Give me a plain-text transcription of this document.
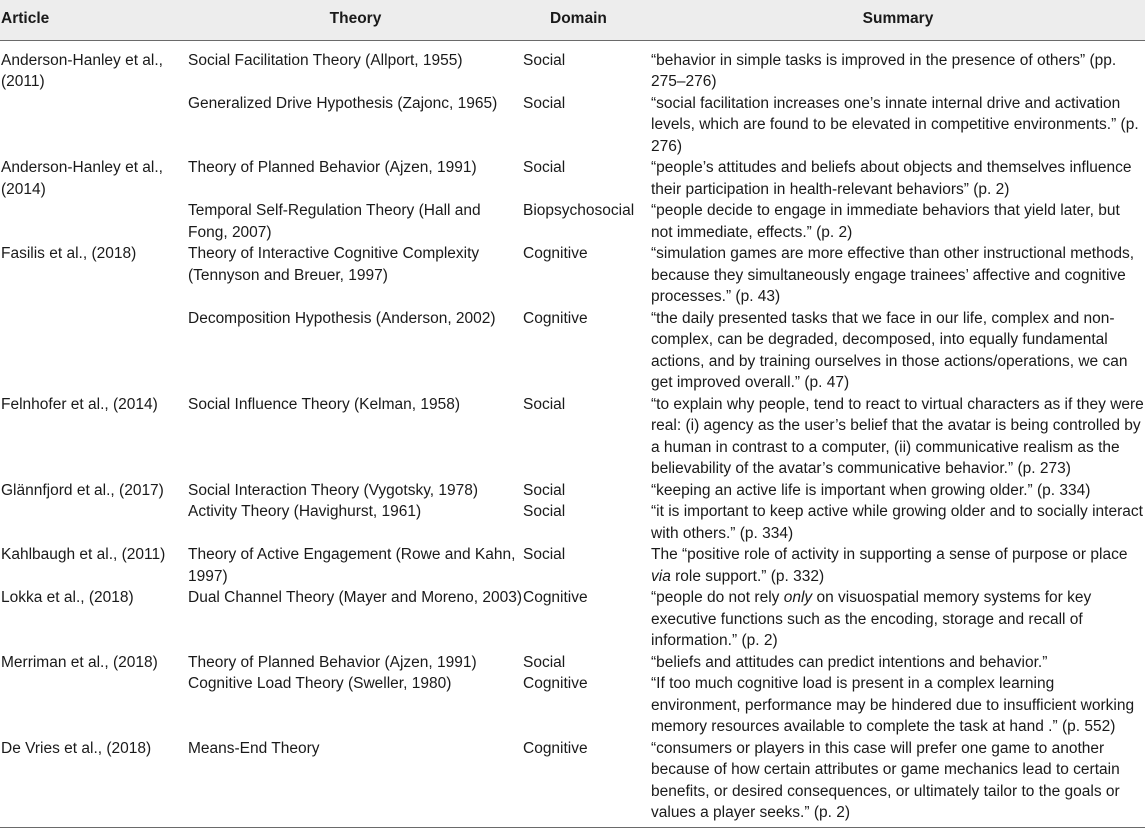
Article	Theory	Domain	Summary
Anderson-Hanley et al., (2011)	Social Facilitation Theory (Allport, 1955)	Social	“behavior in simple tasks is improved in the presence of others” (pp. 275–276)
	Generalized Drive Hypothesis (Zajonc, 1965)	Social	“social facilitation increases one’s innate internal drive and activation levels, which are found to be elevated in competitive environments.” (p. 276)
Anderson-Hanley et al., (2014)	Theory of Planned Behavior (Ajzen, 1991)	Social	“people’s attitudes and beliefs about objects and themselves influence their participation in health-relevant behaviors” (p. 2)
	Temporal Self-Regulation Theory (Hall and Fong, 2007)	Biopsychosocial	“people decide to engage in immediate behaviors that yield later, but not immediate, effects.” (p. 2)
Fasilis et al., (2018)	Theory of Interactive Cognitive Complexity (Tennyson and Breuer, 1997)	Cognitive	“simulation games are more effective than other instructional methods, because they simultaneously engage trainees’ affective and cognitive processes.” (p. 43)
	Decomposition Hypothesis (Anderson, 2002)	Cognitive	“the daily presented tasks that we face in our life, complex and non-complex, can be degraded, decomposed, into equally fundamental actions, and by training ourselves in those actions/operations, we can get improved overall.” (p. 47)
Felnhofer et al., (2014)	Social Influence Theory (Kelman, 1958)	Social	“to explain why people, tend to react to virtual characters as if they were real: (i) agency as the user’s belief that the avatar is being controlled by a human in contrast to a computer, (ii) communicative realism as the believability of the avatar’s communicative behavior.” (p. 273)
Glännfjord et al., (2017)	Social Interaction Theory (Vygotsky, 1978)	Social	“keeping an active life is important when growing older.” (p. 334)
	Activity Theory (Havighurst, 1961)	Social	“it is important to keep active while growing older and to socially interact with others.” (p. 334)
Kahlbaugh et al., (2011)	Theory of Active Engagement (Rowe and Kahn, 1997)	Social	The “positive role of activity in supporting a sense of purpose or place via role support.” (p. 332)
Lokka et al., (2018)	Dual Channel Theory (Mayer and Moreno, 2003)	Cognitive	“people do not rely only on visuospatial memory systems for key executive functions such as the encoding, storage and recall of information.” (p. 2)
Merriman et al., (2018)	Theory of Planned Behavior (Ajzen, 1991)	Social	“beliefs and attitudes can predict intentions and behavior.”
	Cognitive Load Theory (Sweller, 1980)	Cognitive	“If too much cognitive load is present in a complex learning environment, performance may be hindered due to insufficient working memory resources available to complete the task at hand .” (p. 552)
De Vries et al., (2018)	Means-End Theory	Cognitive	“consumers or players in this case will prefer one game to another because of how certain attributes or game mechanics lead to certain benefits, or desired consequences, or ultimately tailor to the goals or values a player seeks.” (p. 2)
